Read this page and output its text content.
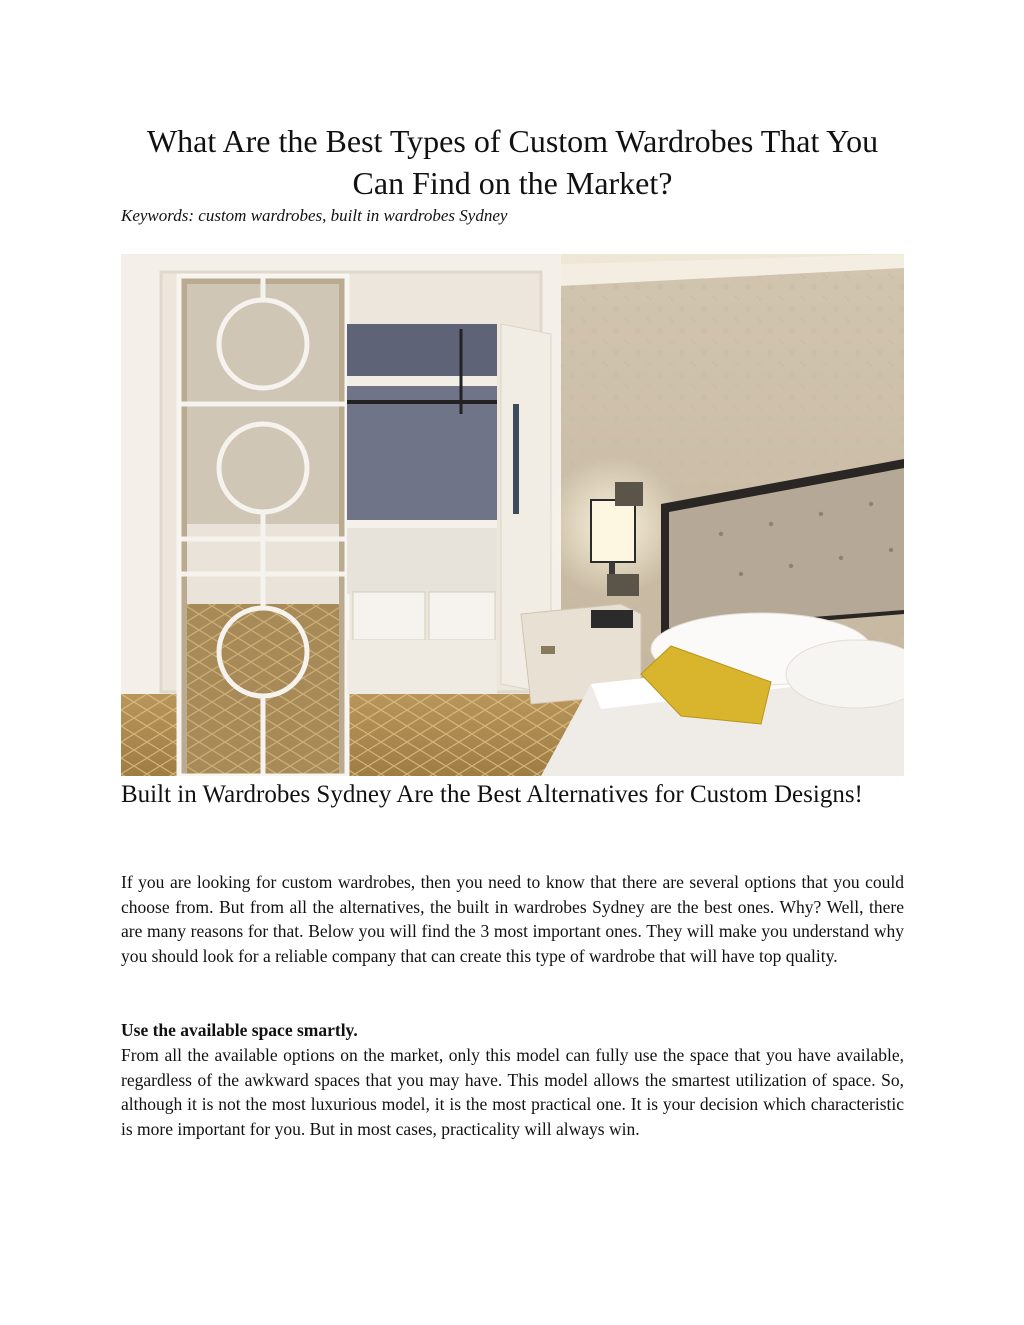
What Are the Best Types of Custom Wardrobes That You Can Find on the Market?

Keywords: custom wardrobes, built in wardrobes Sydney

Built in Wardrobes Sydney Are the Best Alternatives for Custom Designs!

If you are looking for custom wardrobes, then you need to know that there are several options that you could choose from. But from all the alternatives, the built in wardrobes Sydney are the best ones. Why? Well, there are many reasons for that. Below you will find the 3 most important ones. They will make you understand why you should look for a reliable company that can create this type of wardrobe that will have top quality.

Use the available space smartly.

From all the available options on the market, only this model can fully use the space that you have available, regardless of the awkward spaces that you may have. This model allows the smartest utilization of space. So, although it is not the most luxurious model, it is the most practical one. It is your decision which characteristic is more important for you. But in most cases, practicality will always win.
